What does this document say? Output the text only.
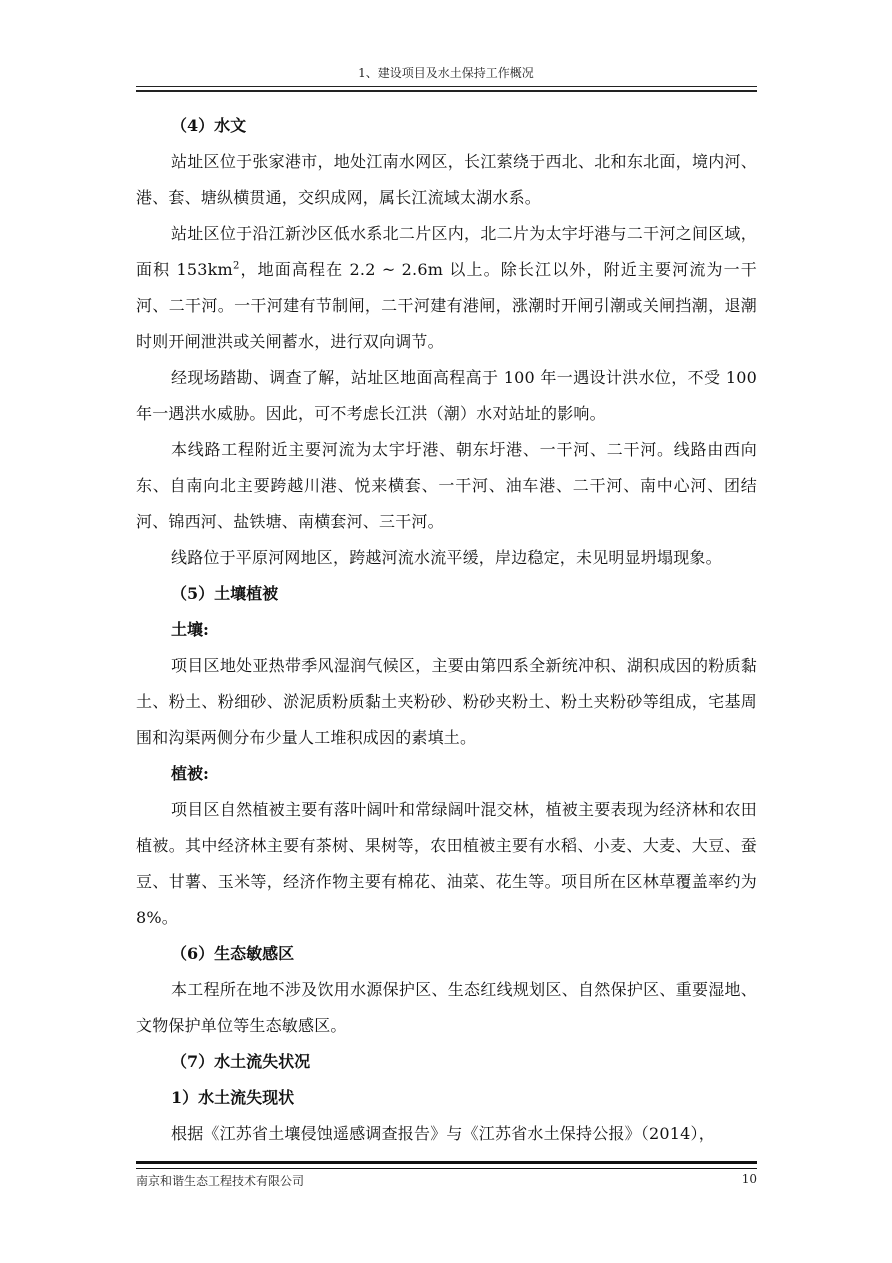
1、建设项目及水土保持工作概况

（4）水文

站址区位于张家港市，地处江南水网区，长江萦绕于西北、北和东北面，境内河、港、套、塘纵横贯通，交织成网，属长江流域太湖水系。

站址区位于沿江新沙区低水系北二片区内，北二片为太宇圩港与二干河之间区域，面积 $153km^2$，地面高程在 2.2 ~ 2.6m 以上。除长江以外，附近主要河流为一干河、二干河。一干河建有节制闸，二干河建有港闸，涨潮时开闸引潮或关闸挡潮，退潮时则开闸泄洪或关闸蓄水，进行双向调节。

经现场踏勘、调查了解，站址区地面高程高于 100 年一遇设计洪水位，不受 100 年一遇洪水威胁。因此，可不考虑长江洪（潮）水对站址的影响。

本线路工程附近主要河流为太宇圩港、朝东圩港、一干河、二干河。线路由西向东、自南向北主要跨越川港、悦来横套、一干河、油车港、二干河、南中心河、团结河、锦西河、盐铁塘、南横套河、三干河。

线路位于平原河网地区，跨越河流水流平缓，岸边稳定，未见明显坍塌现象。

（5）土壤植被

土壤:

项目区地处亚热带季风湿润气候区，主要由第四系全新统冲积、湖积成因的粉质黏土、粉土、粉细砂、淤泥质粉质黏土夹粉砂、粉砂夹粉土、粉土夹粉砂等组成，宅基周围和沟渠两侧分布少量人工堆积成因的素填土。

植被:

项目区自然植被主要有落叶阔叶和常绿阔叶混交林，植被主要表现为经济林和农田植被。其中经济林主要有茶树、果树等，农田植被主要有水稻、小麦、大麦、大豆、蚕豆、甘薯、玉米等，经济作物主要有棉花、油菜、花生等。项目所在区林草覆盖率约为 8%。

（6）生态敏感区

本工程所在地不涉及饮用水源保护区、生态红线规划区、自然保护区、重要湿地、文物保护单位等生态敏感区。

（7）水土流失状况

1）水土流失现状

根据《江苏省土壤侵蚀遥感调查报告》与《江苏省水土保持公报》（2014），

南京和谐生态工程技术有限公司	10
